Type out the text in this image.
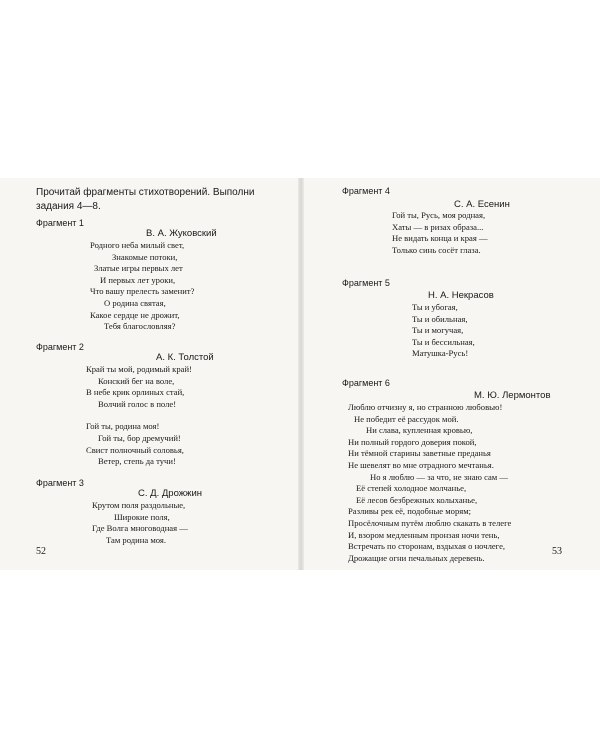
Прочитай фрагменты стихотворений. Выполни задания 4—8.
Фрагмент 1
В. А. Жуковский
Родного неба милый свет,
Знакомые потоки,
Златые игры первых лет
И первых лет уроки,
Что вашу прелесть заменит?
О родина святая,
Какое сердце не дрожит,
Тебя благословляя?
Фрагмент 2
А. К. Толстой
Край ты мой, родимый край!
Конский бег на воле,
В небе крик орлиных стай,
Волчий голос в поле!
Гой ты, родина моя!
Гой ты, бор дремучий!
Свист полночный соловья,
Ветер, степь да тучи!
Фрагмент 3
С. Д. Дрожжин
Крутом поля раздольные,
Широкие поля,
Где Волга многоводная —
Там родина моя.
52
Фрагмент 4
С. А. Есенин
Гой ты, Русь, моя родная,
Хаты — в ризах образа...
Не видать конца и края —
Только синь сосёт глаза.
Фрагмент 5
Н. А. Некрасов
Ты и убогая,
Ты и обильная,
Ты и могучая,
Ты и бессильная,
Матушка-Русь!
Фрагмент 6
М. Ю. Лермонтов
Люблю отчизну я, но странною любовью!
Не победит её рассудок мой.
Ни слава, купленная кровью,
Ни полный гордого доверия покой,
Ни тёмной старины заветные преданья
Не шевелят во мне отрадного мечтанья.
Но я люблю — за что, не знаю сам —
Её степей холодное молчанье,
Её лесов безбрежных колыханье,
Разливы рек её, подобные морям;
Просёлочным путём люблю скакать в телеге
И, взором медленным пронзая ночи тень,
Встречать по сторонам, вздыхая о ночлеге,
Дрожащие огни печальных деревень.
53
